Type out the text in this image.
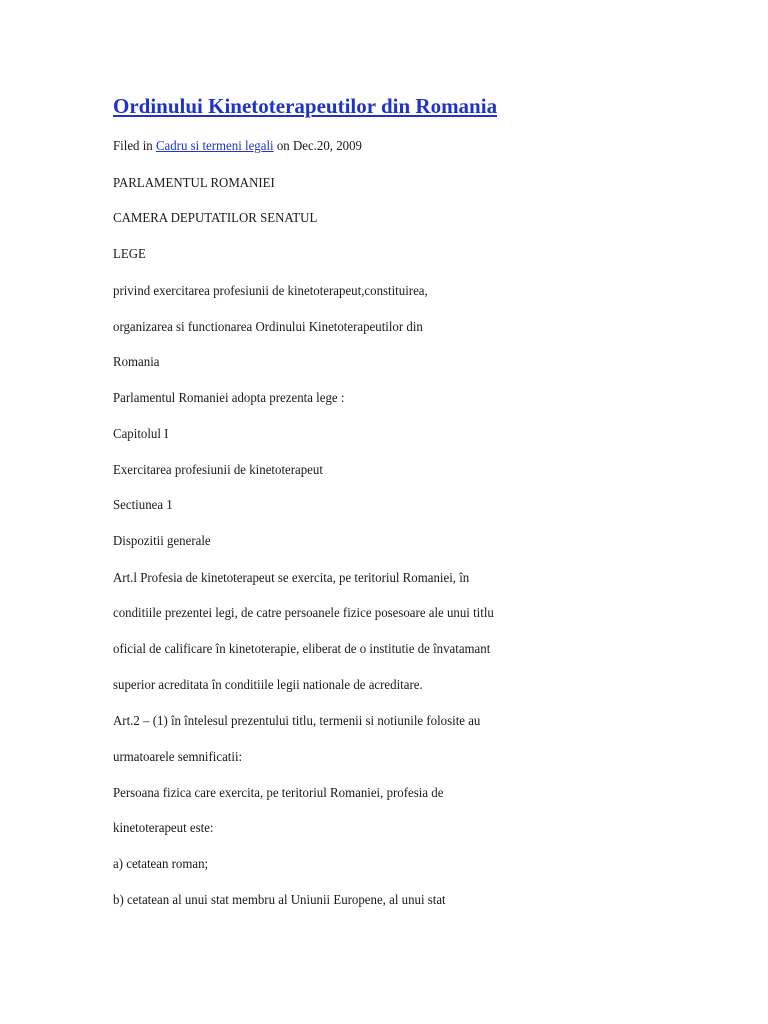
Ordinului Kinetoterapeutilor din Romania

Filed in Cadru si termeni legali on Dec.20, 2009

PARLAMENTUL ROMANIEI

CAMERA DEPUTATILOR SENATUL

LEGE

privind exercitarea profesiunii de kinetoterapeut,constituirea,

organizarea si functionarea Ordinului Kinetoterapeutilor din

Romania

Parlamentul Romaniei adopta prezenta lege :

Capitolul I

Exercitarea profesiunii de kinetoterapeut

Sectiunea 1

Dispozitii generale

Art.l Profesia de kinetoterapeut se exercita, pe teritoriul Romaniei, în

conditiile prezentei legi, de catre persoanele fizice posesoare ale unui titlu

oficial de calificare în kinetoterapie, eliberat de o institutie de învatamant

superior acreditata în conditiile legii nationale de acreditare.

Art.2 – (1) în întelesul prezentului titlu, termenii si notiunile folosite au

urmatoarele semnificatii:

Persoana fizica care exercita, pe teritoriul Romaniei, profesia de

kinetoterapeut este:

a) cetatean roman;

b) cetatean al unui stat membru al Uniunii Europene, al unui stat
